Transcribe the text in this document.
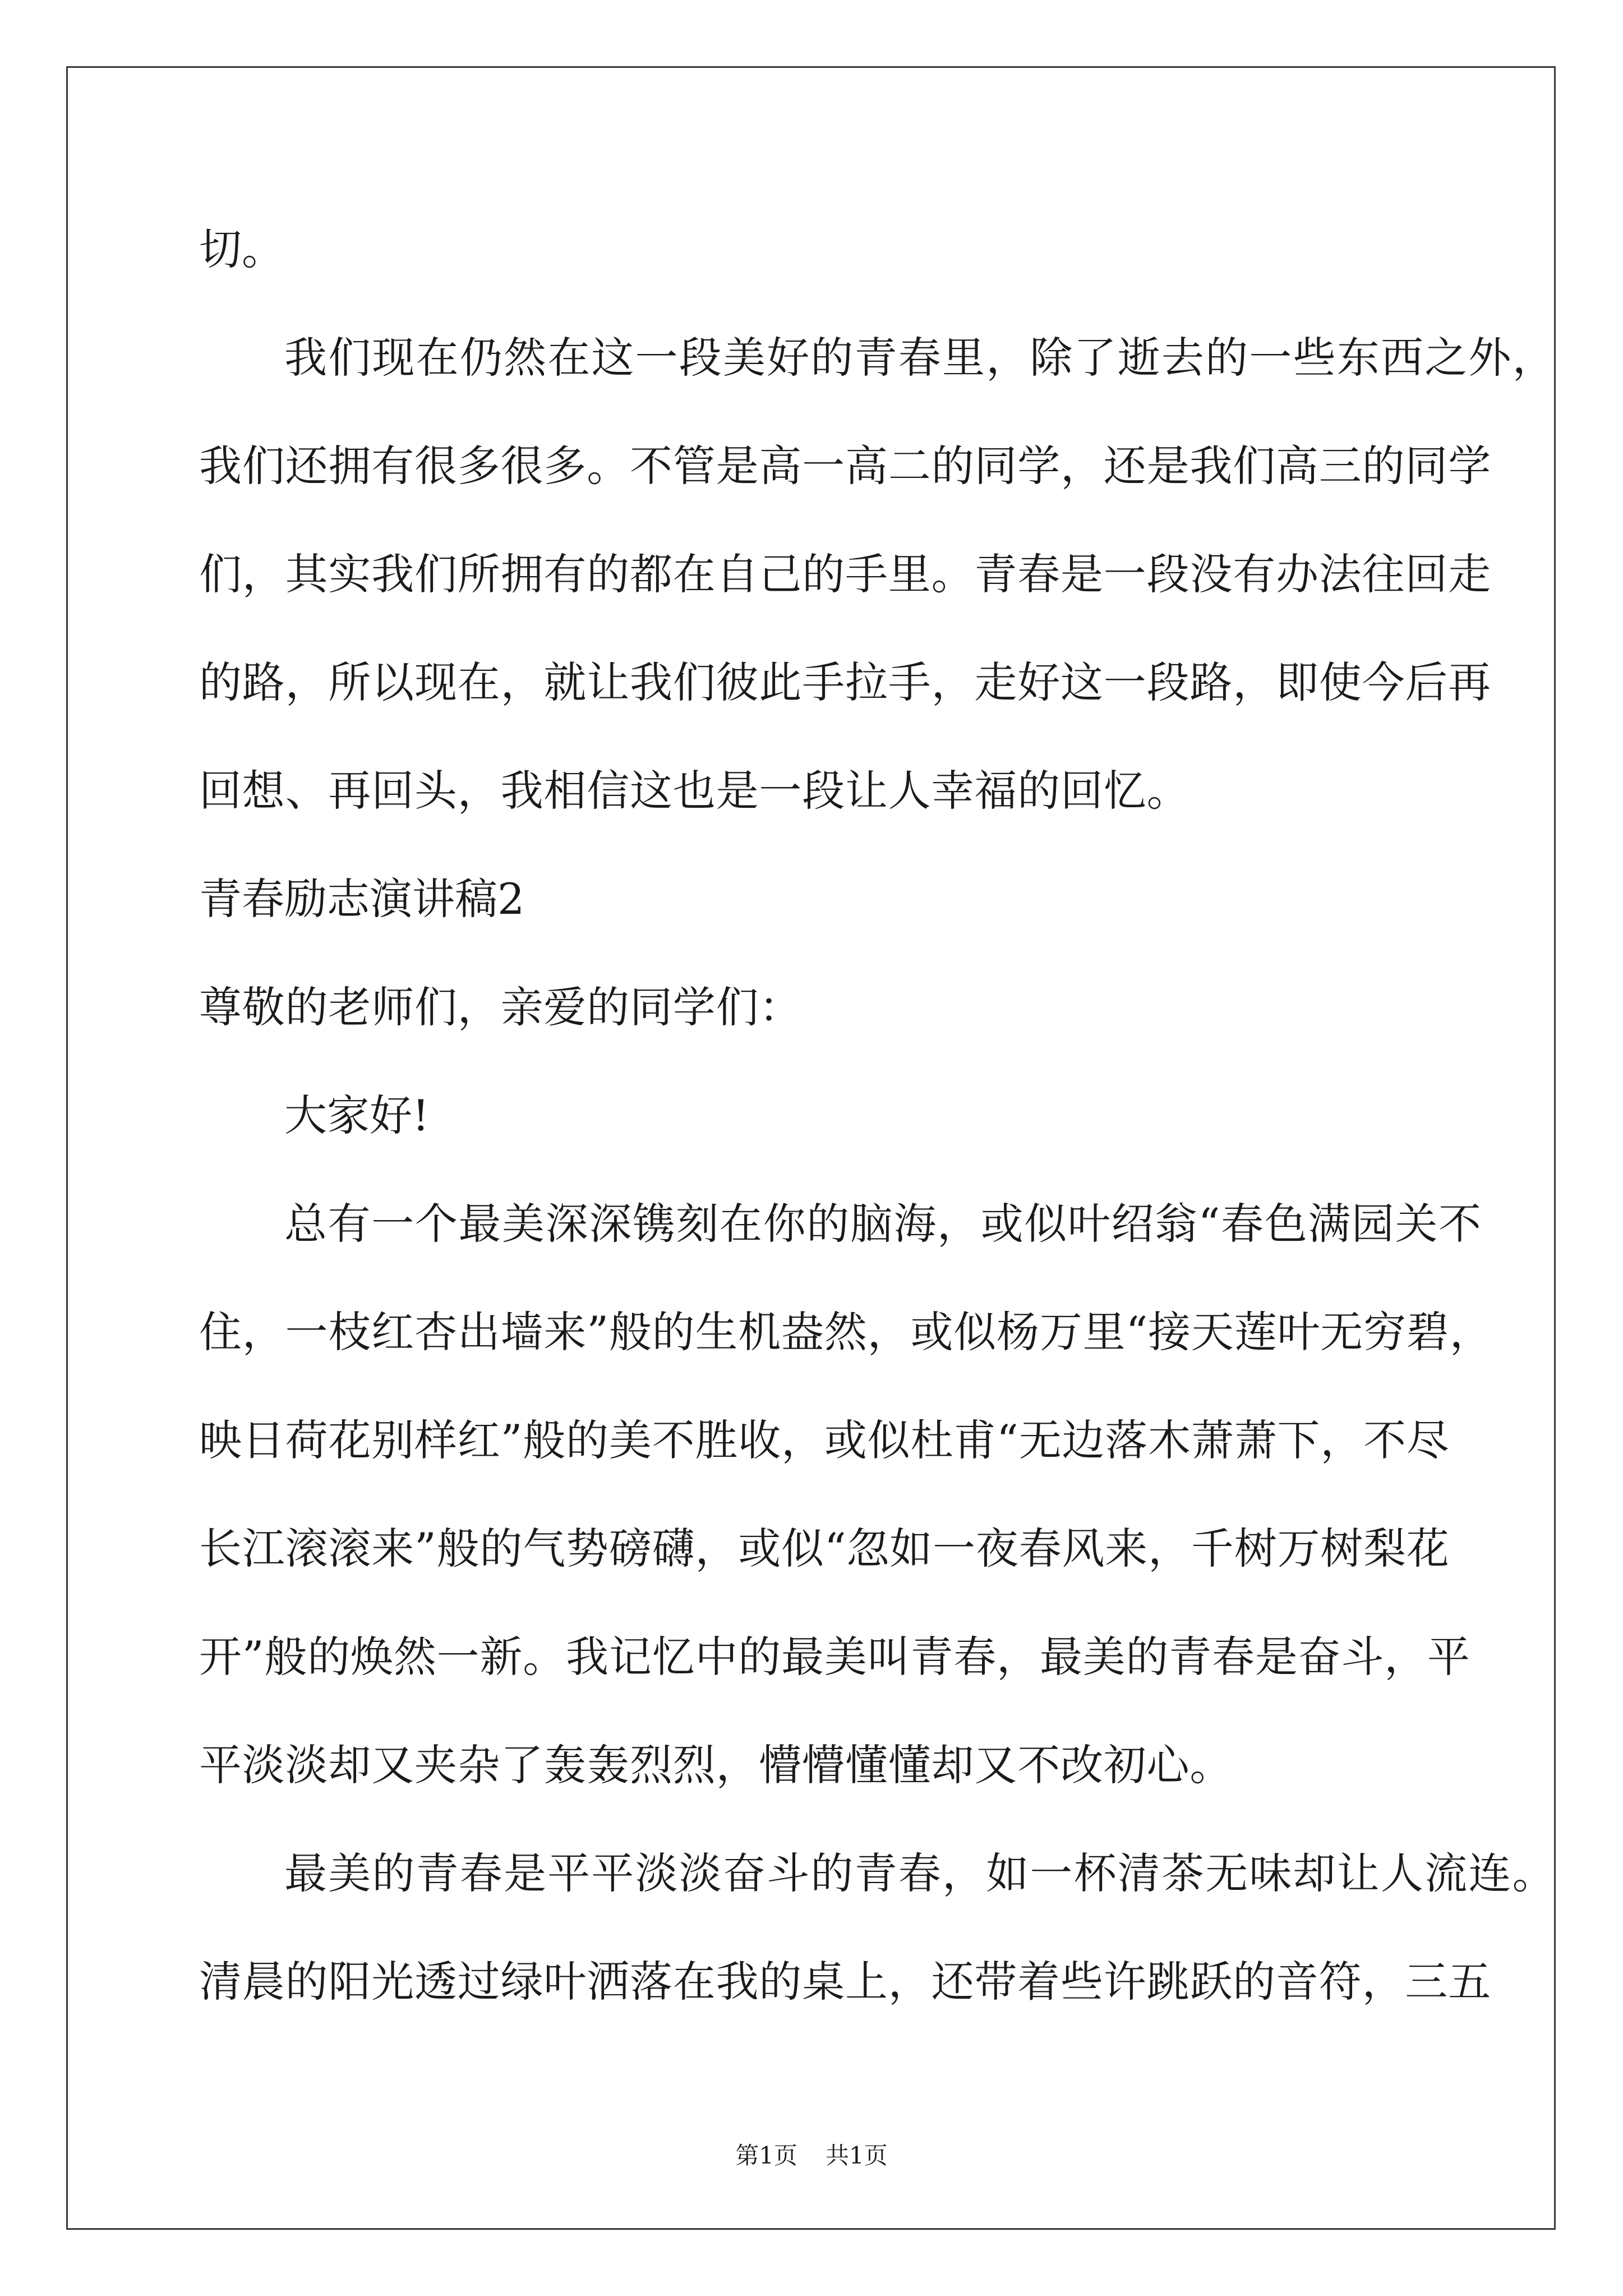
切。
我们现在仍然在这一段美好的青春里，除了逝去的一些东西之外，
我们还拥有很多很多。不管是高一高二的同学，还是我们高三的同学
们，其实我们所拥有的都在自己的手里。青春是一段没有办法往回走
的路，所以现在，就让我们彼此手拉手，走好这一段路，即使今后再
回想、再回头，我相信这也是一段让人幸福的回忆。
青春励志演讲稿2
尊敬的老师们，亲爱的同学们：
大家好!
总有一个最美深深镌刻在你的脑海，或似叶绍翁“春色满园关不
住，一枝红杏出墙来”般的生机盎然，或似杨万里“接天莲叶无穷碧，
映日荷花别样红”般的美不胜收，或似杜甫“无边落木萧萧下，不尽
长江滚滚来”般的气势磅礴，或似“忽如一夜春风来，千树万树梨花
开”般的焕然一新。我记忆中的最美叫青春，最美的青春是奋斗，平
平淡淡却又夹杂了轰轰烈烈，懵懵懂懂却又不改初心。
最美的青春是平平淡淡奋斗的青春，如一杯清茶无味却让人流连。
清晨的阳光透过绿叶洒落在我的桌上，还带着些许跳跃的音符，三五
第1页 共1页
